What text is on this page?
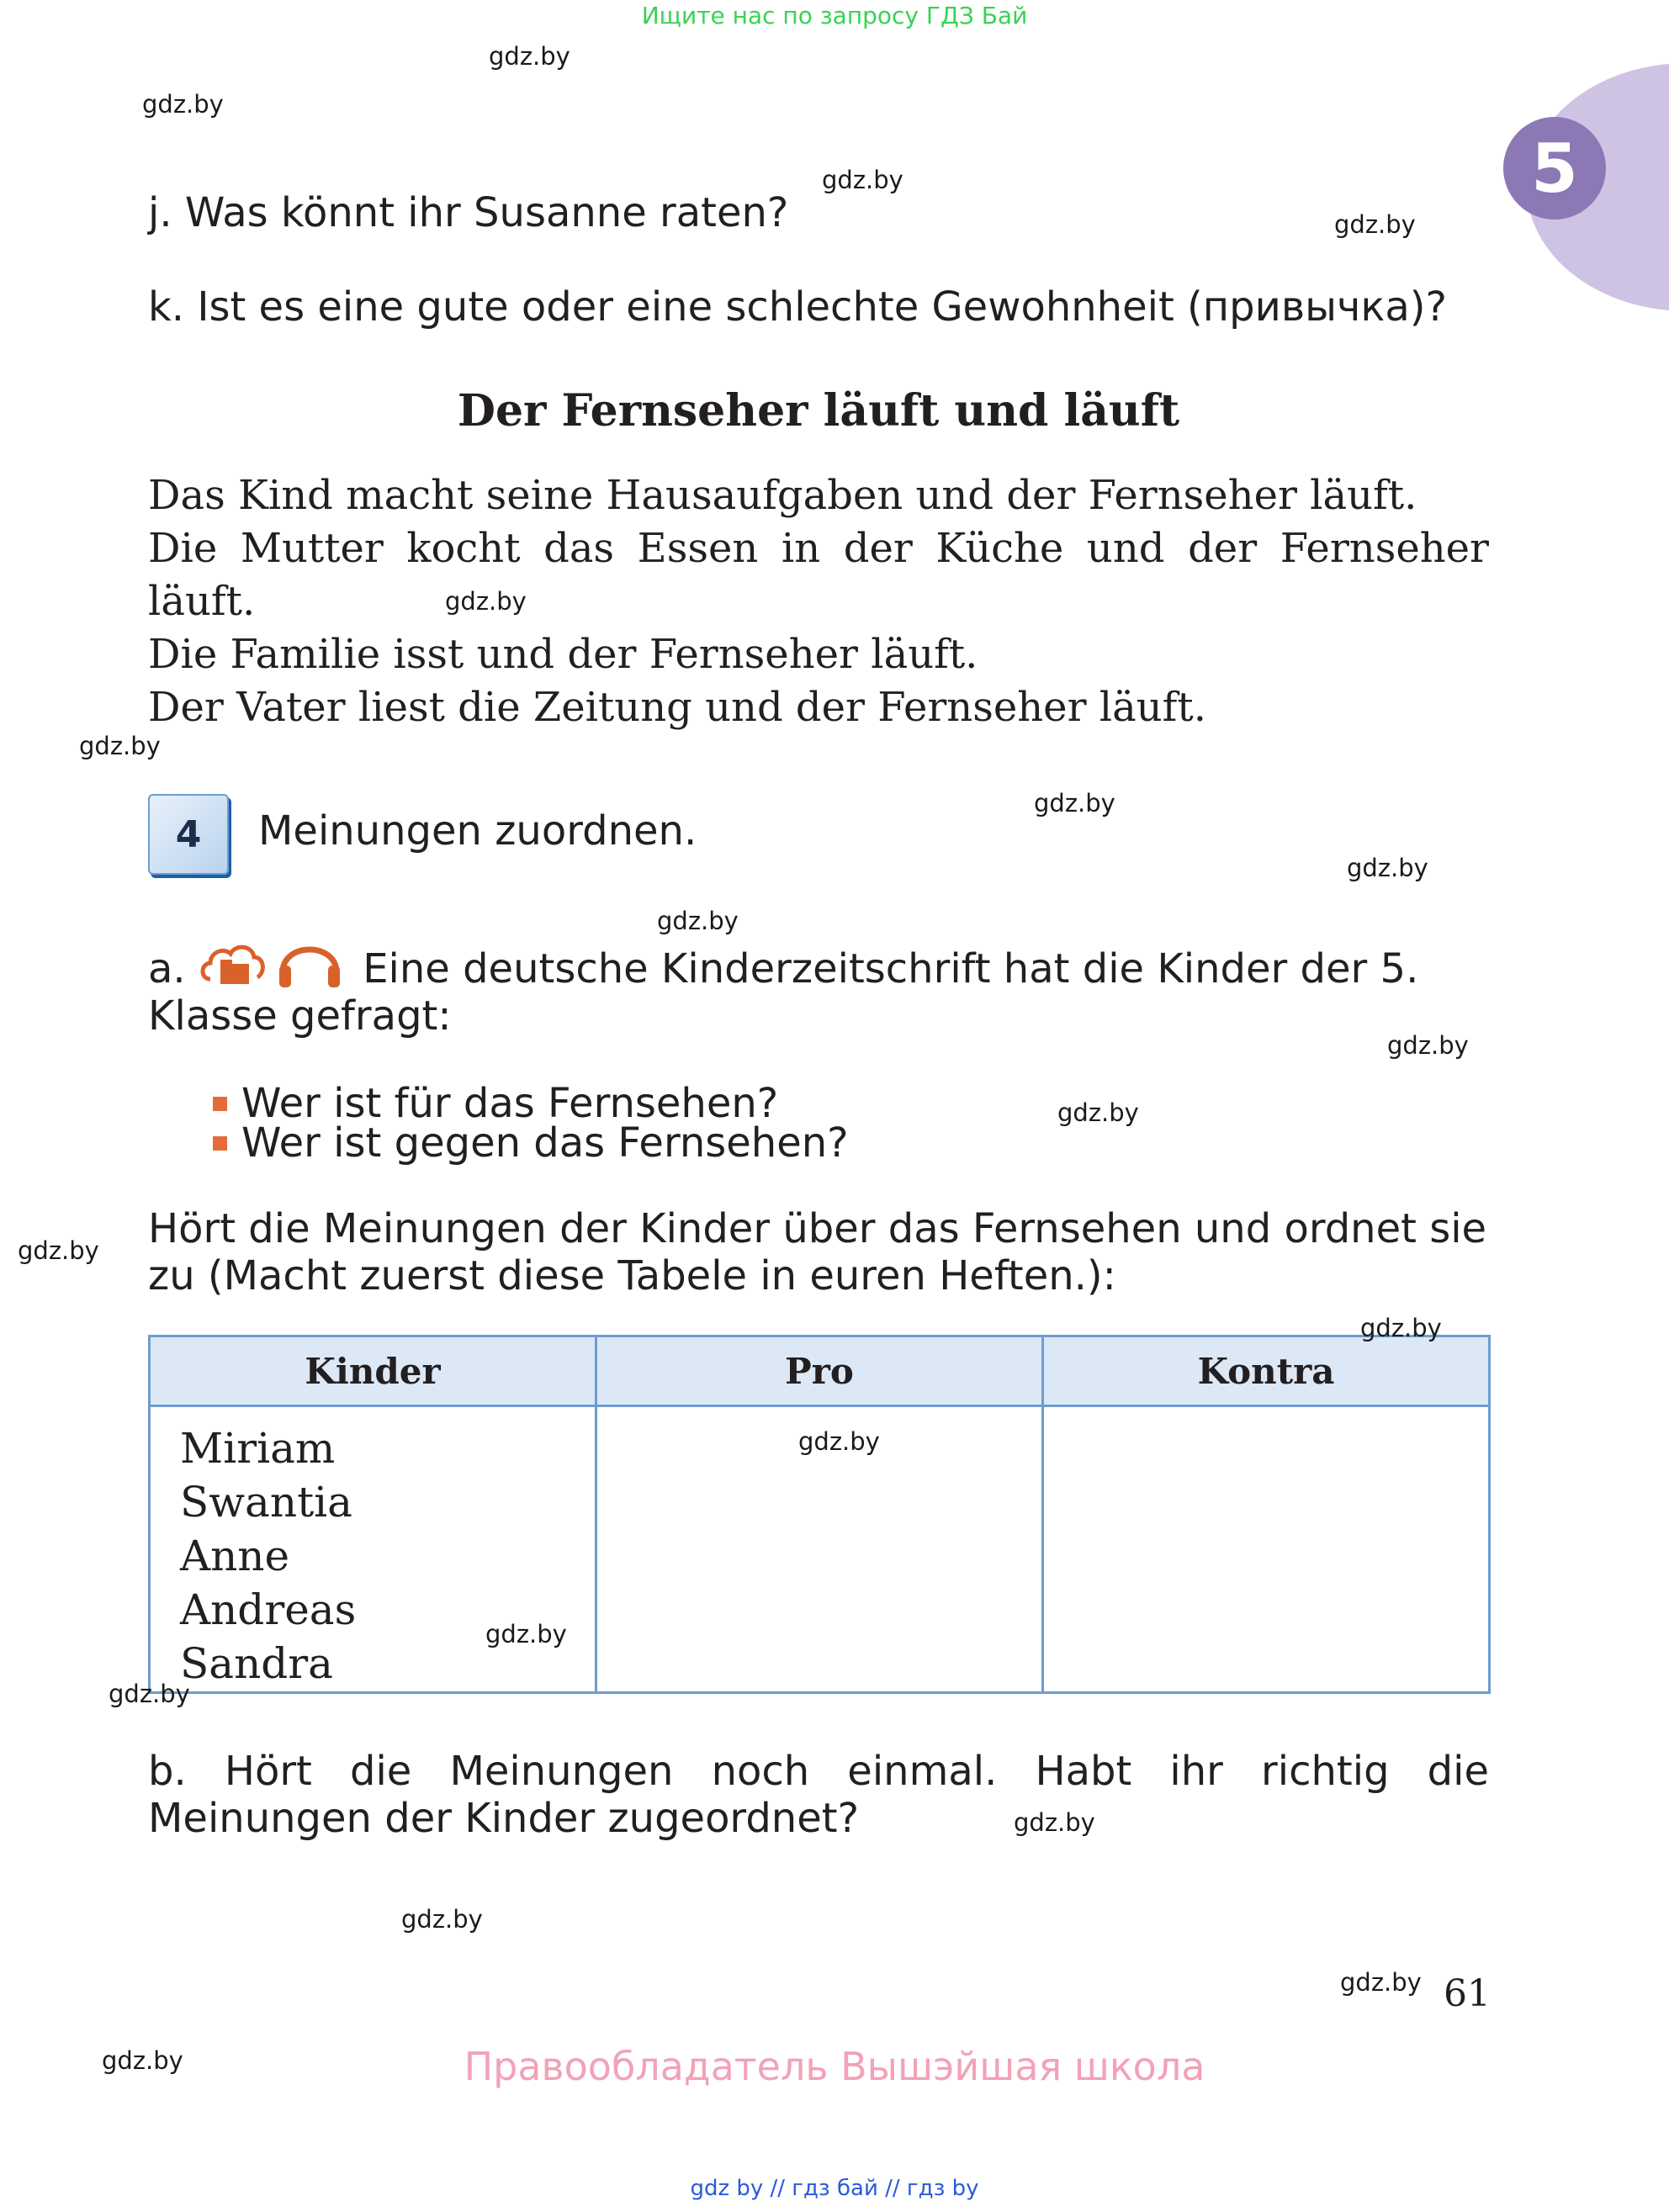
Ищите нас по запросу ГДЗ Бай
5
j. Was könnt ihr Susanne raten?
k. Ist es eine gute oder eine schlechte Gewohnheit (привычка)?
Der Fernseher läuft und läuft

Das Kind macht seine Hausaufgaben und der Fernseher läuft.

Die Mutter kocht das Essen in der Küche und der Fernseher läuft.

Die Familie isst und der Fernseher läuft.

Der Vater liest die Zeitung und der Fernseher läuft.

4	Meinungen zuordnen.
a.	Eine deutsche Kinderzeitschrift hat die Kinder der 5. Klasse gefragt:
Wer ist für das Fernsehen?
Wer ist gegen das Fernsehen?
Hört die Meinungen der Kinder über das Fernsehen und ordnet sie zu (Macht zuerst diese Tabele in euren Heften.):
Kinder	Pro	Kontra

Miriam
Swantia
Anne
Andreas
Sandra		

b. Hört die Meinungen noch einmal. Habt ihr richtig die Meinungen der Kinder zugeordnet?
61
Правообладатель Вышэйшая школа
gdz by // гдз бай // гдз by
gdz.by
gdz.by
gdz.by
gdz.by
gdz.by
gdz.by
gdz.by
gdz.by
gdz.by
gdz.by
gdz.by
gdz.by
gdz.by
gdz.by
gdz.by
gdz.by
gdz.by
gdz.by
gdz.by
gdz.by
